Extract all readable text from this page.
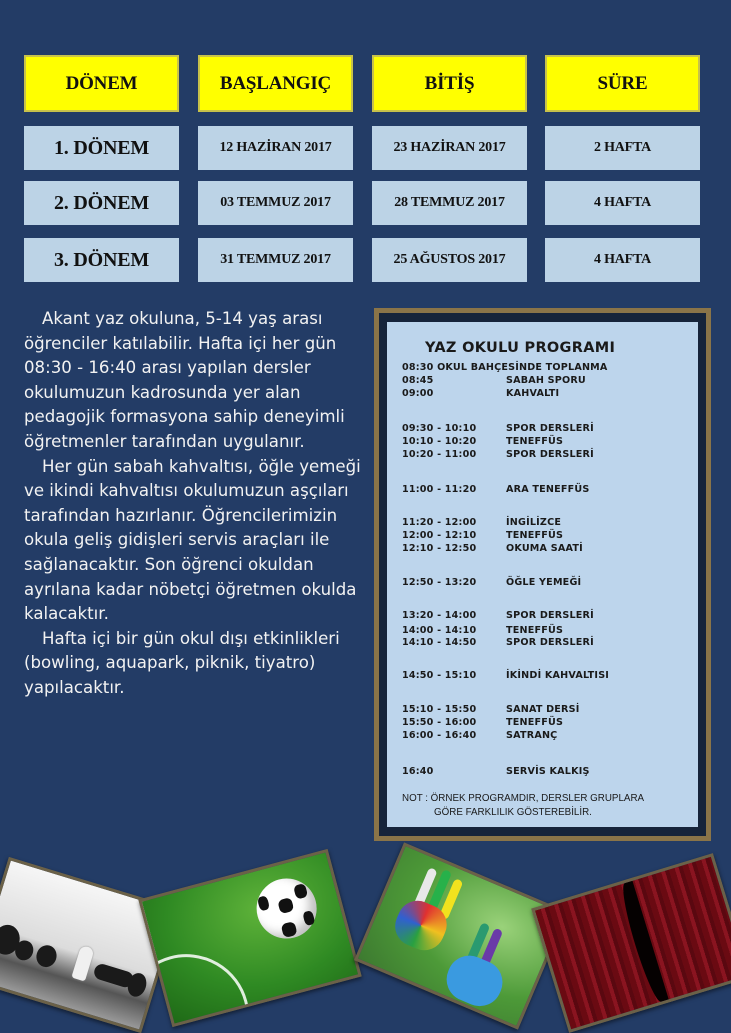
DÖNEM	BAŞLANGIÇ	BİTİŞ	SÜRE
1. DÖNEM	12 HAZİRAN 2017	23 HAZİRAN 2017	2 HAFTA
2. DÖNEM	03 TEMMUZ 2017	28 TEMMUZ 2017	4 HAFTA
3. DÖNEM	31 TEMMUZ 2017	25 AĞUSTOS 2017	4 HAFTA

Akant yaz okuluna, 5-14 yaş arası öğrenciler katılabilir. Hafta içi her gün 08:30 - 16:40 arası yapılan dersler okulumuzun kadrosunda yer alan pedagojik formasyona sahip deneyimli öğretmenler tarafından uygulanır.

Her gün sabah kahvaltısı, öğle yemeği ve ikindi kahvaltısı okulumuzun aşçıları tarafından hazırlanır. Öğrencilerimizin okula geliş gidişleri servis araçları ile sağlanacaktır. Son öğrenci okuldan ayrılana kadar nöbetçi öğretmen okulda kalacaktır.

Hafta içi bir gün okul dışı etkinlikleri (bowling, aquapark, piknik, tiyatro) yapılacaktır.

YAZ OKULU PROGRAMI
08:30 OKUL BAHÇESİNDE TOPLANMA
08:45	SABAH SPORU
09:00	KAHVALTI
09:30 - 10:10	SPOR DERSLERİ
10:10 - 10:20	TENEFFÜS
10:20 - 11:00	SPOR DERSLERİ
11:00 - 11:20	ARA TENEFFÜS
11:20 - 12:00	İNGİLİZCE
12:00 - 12:10	TENEFFÜS
12:10 - 12:50	OKUMA SAATİ
12:50 - 13:20	ÖĞLE YEMEĞİ
13:20 - 14:00	SPOR DERSLERİ
14:00 - 14:10	TENEFFÜS
14:10 - 14:50	SPOR DERSLERİ
14:50 - 15:10	İKİNDİ KAHVALTISI
15:10 - 15:50	SANAT DERSİ
15:50 - 16:00	TENEFFÜS
16:00 - 16:40	SATRANÇ
16:40	SERVİS KALKIŞ
NOT : ÖRNEK PROGRAMDIR, DERSLER GRUPLARA
GÖRE FARKLILIK GÖSTEREBİLİR.
